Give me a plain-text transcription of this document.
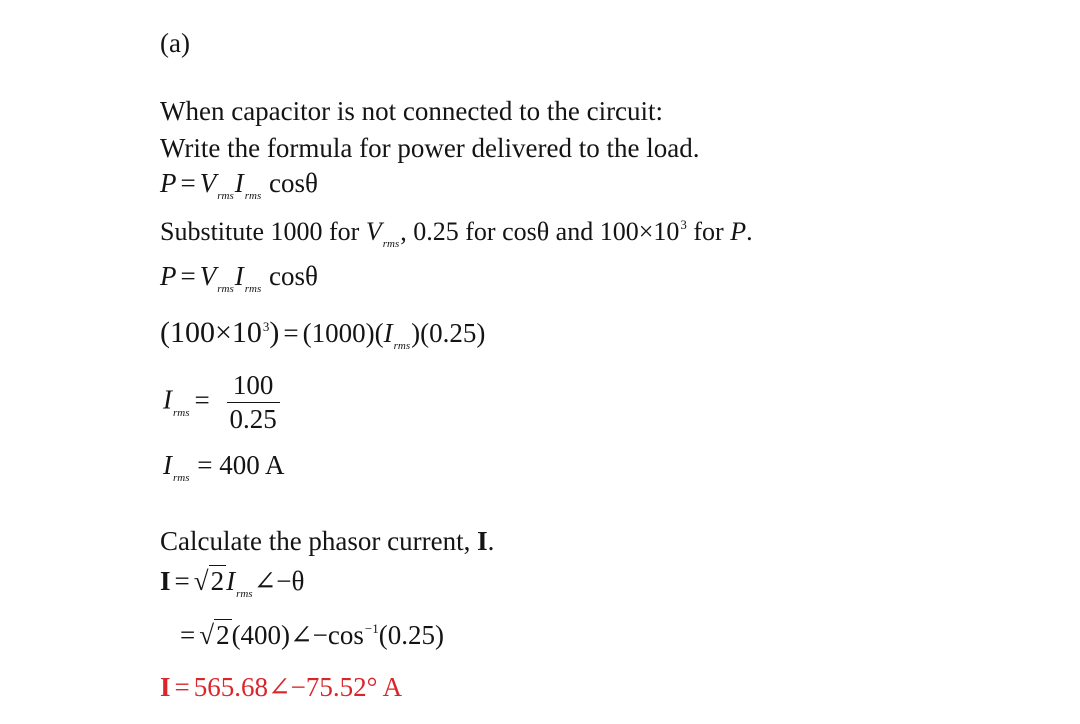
(a)
When capacitor is not connected to the circuit:
Write the formula for power delivered to the load.
$P = V_{rms}I_{rms}$ cosθ
Substitute 1000 for $V_{rms}$, 0.25 for cosθ and $100\times 10^3$ for P.
$P = V_{rms}I_{rms}$ cosθ
$(100\times 10^3) = (1000)(I_{rms})(0.25)$
$I_{rms} = \frac{100}{0.25}$
$I_{rms} = 400$ A
Calculate the phasor current, I.
$I = √2I_{rms}\angle-\theta$
= $√2(400)\angle-\cos^{-1}(0.25)$
I = 565.68∠−75.52° A
